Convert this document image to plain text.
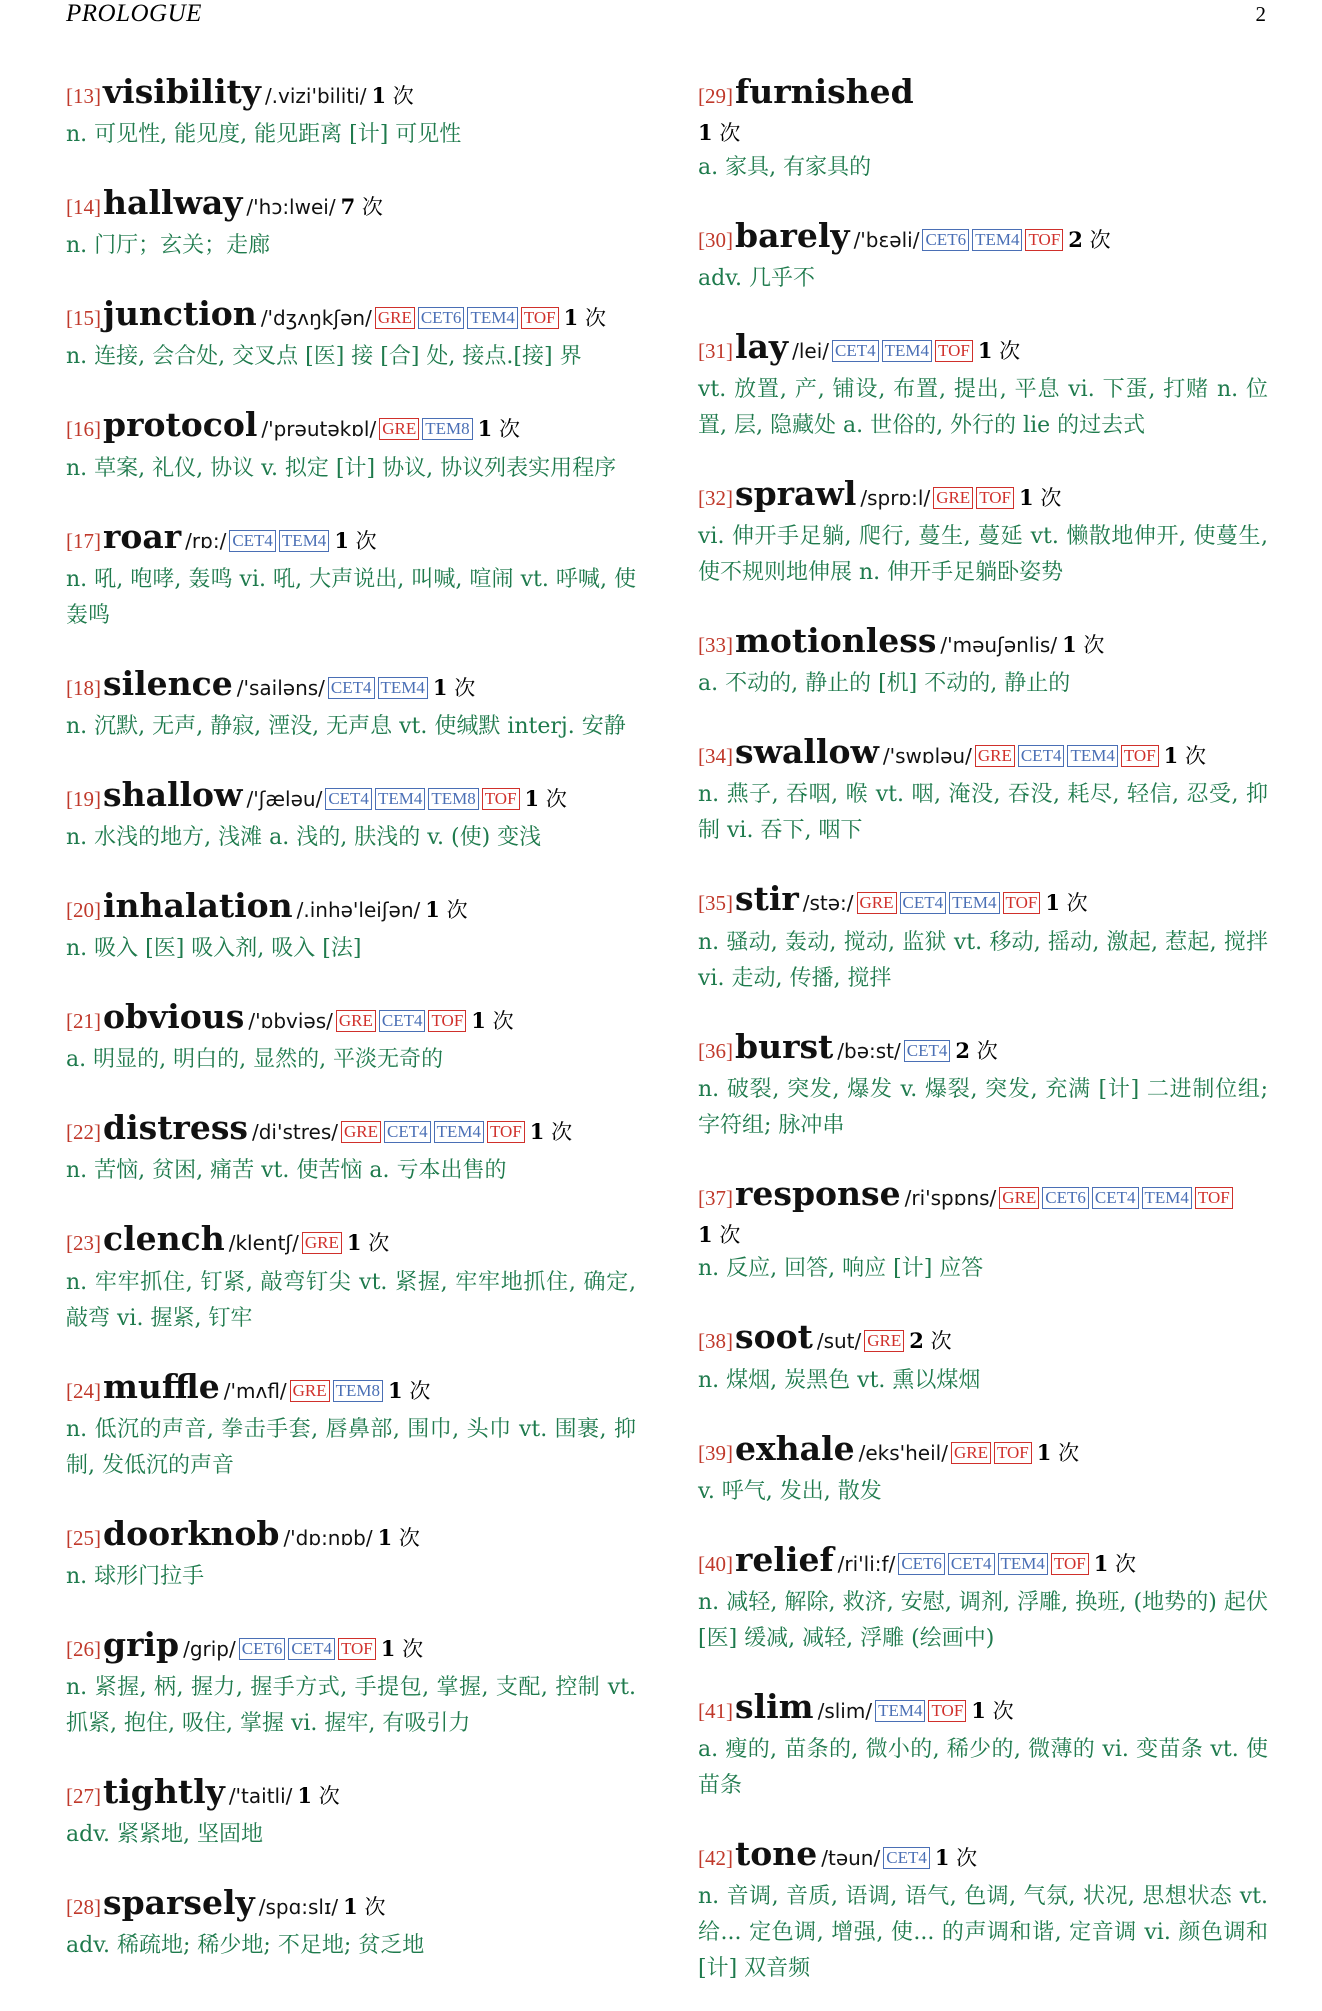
PROLOGUE	2
[13]visibility /.vizi'biliti/ 1 次
n. 可见性, 能见度, 能见距离 [计] 可见性
[14]hallway /'hɔ:lwei/ 7 次
n. 门厅；玄关；走廊
[15]junction /'dʒʌŋkʃən/ GRE CET6 TEM4 TOF 1 次
n. 连接, 会合处, 交叉点 [医] 接 [合] 处, 接点.[接] 界
[16]protocol /'prəutəkɒl/ GRE TEM8 1 次
n. 草案, 礼仪, 协议 v. 拟定 [计] 协议, 协议列表实用程序
[17]roar /rɒ:/ CET4 TEM4 1 次
n. 吼, 咆哮, 轰鸣 vi. 吼, 大声说出, 叫喊, 喧闹 vt. 呼喊, 使轰鸣
[18]silence /'sailəns/ CET4 TEM4 1 次
n. 沉默, 无声, 静寂, 湮没, 无声息 vt. 使缄默 interj. 安静
[19]shallow /'ʃæləu/ CET4 TEM4 TEM8 TOF 1 次
n. 水浅的地方, 浅滩 a. 浅的, 肤浅的 v. (使) 变浅
[20]inhalation /.inhə'leiʃən/ 1 次
n. 吸入 [医] 吸入剂, 吸入 [法]
[21]obvious /'ɒbviəs/ GRE CET4 TOF 1 次
a. 明显的, 明白的, 显然的, 平淡无奇的
[22]distress /di'stres/ GRE CET4 TEM4 TOF 1 次
n. 苦恼, 贫困, 痛苦 vt. 使苦恼 a. 亏本出售的
[23]clench /klentʃ/ GRE 1 次
n. 牢牢抓住, 钉紧, 敲弯钉尖 vt. 紧握, 牢牢地抓住, 确定, 敲弯 vi. 握紧, 钉牢
[24]muffle /'mʌfl/ GRE TEM8 1 次
n. 低沉的声音, 拳击手套, 唇鼻部, 围巾, 头巾 vt. 围裹, 抑制, 发低沉的声音
[25]doorknob /'dɒ:nɒb/ 1 次
n. 球形门拉手
[26]grip /grip/ CET6 CET4 TOF 1 次
n. 紧握, 柄, 握力, 握手方式, 手提包, 掌握, 支配, 控制 vt. 抓紧, 抱住, 吸住, 掌握 vi. 握牢, 有吸引力
[27]tightly /'taitli/ 1 次
adv. 紧紧地, 坚固地
[28]sparsely /spɑ:slɪ/ 1 次
adv. 稀疏地; 稀少地; 不足地; 贫乏地
[29]furnished
1 次
a. 家具, 有家具的
[30]barely /'bɛəli/ CET6 TEM4 TOF 2 次
adv. 几乎不
[31]lay /lei/ CET4 TEM4 TOF 1 次
vt. 放置, 产, 铺设, 布置, 提出, 平息 vi. 下蛋, 打赌 n. 位置, 层, 隐藏处 a. 世俗的, 外行的 lie 的过去式
[32]sprawl /sprɒ:l/ GRE TOF 1 次
vi. 伸开手足躺, 爬行, 蔓生, 蔓延 vt. 懒散地伸开, 使蔓生, 使不规则地伸展 n. 伸开手足躺卧姿势
[33]motionless /'məuʃənlis/ 1 次
a. 不动的, 静止的 [机] 不动的, 静止的
[34]swallow /'swɒləu/ GRE CET4 TEM4 TOF 1 次
n. 燕子, 吞咽, 喉 vt. 咽, 淹没, 吞没, 耗尽, 轻信, 忍受, 抑制 vi. 吞下, 咽下
[35]stir /stə:/ GRE CET4 TEM4 TOF 1 次
n. 骚动, 轰动, 搅动, 监狱 vt. 移动, 摇动, 激起, 惹起, 搅拌 vi. 走动, 传播, 搅拌
[36]burst /bə:st/ CET4 2 次
n. 破裂, 突发, 爆发 v. 爆裂, 突发, 充满 [计] 二进制位组; 字符组; 脉冲串
[37]response /ri'spɒns/ GRE CET6 CET4 TEM4 TOF
1 次
n. 反应, 回答, 响应 [计] 应答
[38]soot /sut/ GRE 2 次
n. 煤烟, 炭黑色 vt. 熏以煤烟
[39]exhale /eks'heil/ GRE TOF 1 次
v. 呼气, 发出, 散发
[40]relief /ri'li:f/ CET6 CET4 TEM4 TOF 1 次
n. 减轻, 解除, 救济, 安慰, 调剂, 浮雕, 换班, (地势的) 起伏 [医] 缓减, 减轻, 浮雕 (绘画中)
[41]slim /slim/ TEM4 TOF 1 次
a. 瘦的, 苗条的, 微小的, 稀少的, 微薄的 vi. 变苗条 vt. 使苗条
[42]tone /təun/ CET4 1 次
n. 音调, 音质, 语调, 语气, 色调, 气氛, 状况, 思想状态 vt. 给... 定色调, 增强, 使... 的声调和谐, 定音调 vi. 颜色调和 [计] 双音频
